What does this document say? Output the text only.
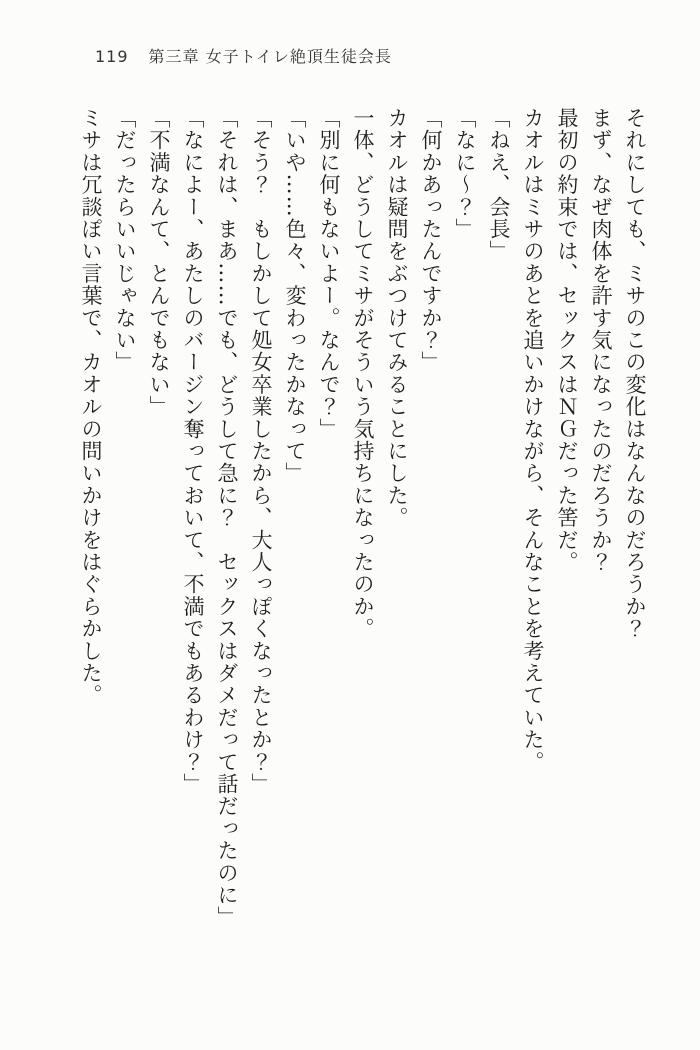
119 第三章 女子トイレ絶頂生徒会長

それにしても、ミサのこの変化はなんなのだろうか？

まず、なぜ肉体を許す気になったのだろうか？

最初の約束では、セックスはＮＧだった筈だ。

カオルはミサのあとを追いかけながら、そんなことを考えていた。

「ねえ、会長」

「なに〜？」

「何かあったんですか？」

カオルは疑問をぶつけてみることにした。

一体、どうしてミサがそういう気持ちになったのか。

「別に何もないよー。なんで？」

「いや……色々、変わったかなって」

「そう？　もしかして処女卒業したから、大人っぽくなったとか？」

「それは、まあ……でも、どうして急に？　セックスはダメだって話だったのに」

「なによー、あたしのバージン奪っておいて、不満でもあるわけ？」

「不満なんて、とんでもない」

「だったらいいじゃない」

ミサは冗談ぽい言葉で、カオルの問いかけをはぐらかした。
